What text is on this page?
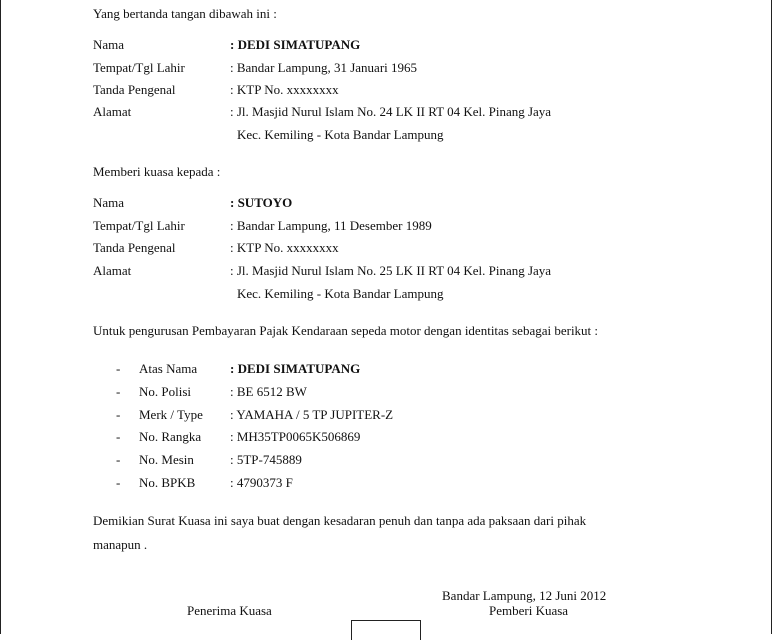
Yang bertanda tangan dibawah ini :
Nama	: DEDI SIMATUPANG
Tempat/Tgl Lahir	: Bandar Lampung, 31 Januari 1965
Tanda Pengenal	: KTP No. xxxxxxxx
Alamat	: Jl. Masjid Nurul Islam No. 24 LK II RT 04 Kel. Pinang Jaya
Kec. Kemiling - Kota Bandar Lampung
Memberi kuasa kepada :
Nama	: SUTOYO
Tempat/Tgl Lahir	: Bandar Lampung, 11 Desember 1989
Tanda Pengenal	: KTP No. xxxxxxxx
Alamat	: Jl. Masjid Nurul Islam No. 25 LK II RT 04 Kel. Pinang Jaya
Kec. Kemiling - Kota Bandar Lampung
Untuk pengurusan Pembayaran Pajak Kendaraan sepeda motor dengan identitas sebagai berikut :
- Atas Nama	: DEDI SIMATUPANG
- No. Polisi	: BE 6512 BW
- Merk / Type : YAMAHA / 5 TP JUPITER-Z
- No. Rangka : MH35TP0065K506869
- No. Mesin	: 5TP-745889
- No. BPKB	: 4790373 F
Demikian Surat Kuasa ini saya buat dengan kesadaran penuh dan tanpa ada paksaan dari pihak
manapun .
Bandar Lampung, 12 Juni 2012
Penerima Kuasa	Pemberi Kuasa
